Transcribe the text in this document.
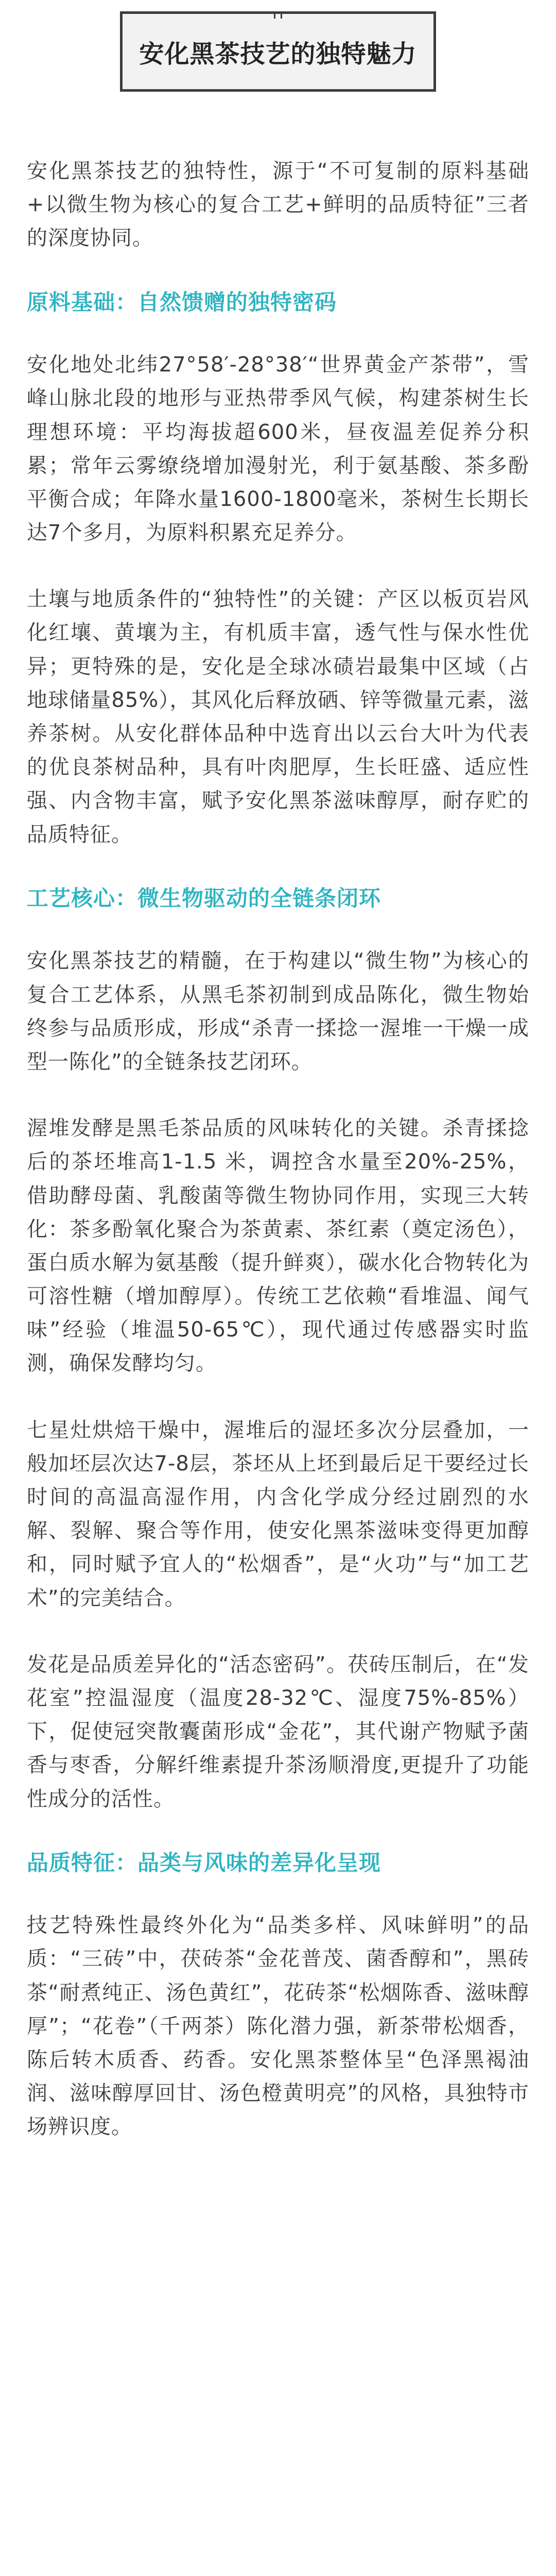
安化黑茶技艺的独特魅力

安化黑茶技艺的独特性，源于“不可复制的原料基础+以微生物为核心的复合工艺+鲜明的品质特征”三者的深度协同。

原料基础：自然馈赠的独特密码

安化地处北纬27°58′-28°38′“世界黄金产茶带”，雪峰山脉北段的地形与亚热带季风气候，构建茶树生长理想环境：平均海拔超600米，昼夜温差促养分积累；常年云雾缭绕增加漫射光，利于氨基酸、茶多酚平衡合成；年降水量1600-1800毫米，茶树生长期长达7个多月，为原料积累充足养分。

土壤与地质条件的“独特性”的关键：产区以板页岩风化红壤、黄壤为主，有机质丰富，透气性与保水性优异；更特殊的是，安化是全球冰碛岩最集中区域（占地球储量85%），其风化后释放硒、锌等微量元素，滋养茶树。从安化群体品种中选育出以云台大叶为代表的优良茶树品种，具有叶肉肥厚，生长旺盛、适应性强、内含物丰富，赋予安化黑茶滋味醇厚，耐存贮的品质特征。

工艺核心：微生物驱动的全链条闭环

安化黑茶技艺的精髓，在于构建以“微生物”为核心的复合工艺体系，从黑毛茶初制到成品陈化，微生物始终参与品质形成，形成“杀青一揉捻一渥堆一干燥一成型一陈化”的全链条技艺闭环。

渥堆发酵是黑毛茶品质的风味转化的关键。杀青揉捻后的茶坯堆高1-1.5 米，调控含水量至20%-25%，借助酵母菌、乳酸菌等微生物协同作用，实现三大转化：茶多酚氧化聚合为茶黄素、茶红素（奠定汤色），蛋白质水解为氨基酸（提升鲜爽），碳水化合物转化为可溶性糖（增加醇厚）。传统工艺依赖“看堆温、闻气味”经验（堆温50-65℃），现代通过传感器实时监测，确保发酵均匀。

七星灶烘焙干燥中，渥堆后的湿坯多次分层叠加，一般加坯层次达7-8层，茶坯从上坯到最后足干要经过长时间的高温高湿作用，内含化学成分经过剧烈的水解、裂解、聚合等作用，使安化黑茶滋味变得更加醇和，同时赋予宜人的“松烟香”，是“火功”与“加工艺术”的完美结合。

发花是品质差异化的“活态密码”。茯砖压制后，在“发花室”控温湿度（温度28-32℃、湿度75%-85%）下，促使冠突散囊菌形成“金花”，其代谢产物赋予菌香与枣香，分解纤维素提升茶汤顺滑度,更提升了功能性成分的活性。

品质特征：品类与风味的差异化呈现

技艺特殊性最终外化为“品类多样、风味鲜明”的品质：“三砖”中，茯砖茶“金花普茂、菌香醇和”，黑砖茶“耐煮纯正、汤色黄红”，花砖茶“松烟陈香、滋味醇厚”；“花卷”（千两茶）陈化潜力强，新茶带松烟香，陈后转木质香、药香。安化黑茶整体呈“色泽黑褐油润、滋味醇厚回甘、汤色橙黄明亮”的风格，具独特市场辨识度。
